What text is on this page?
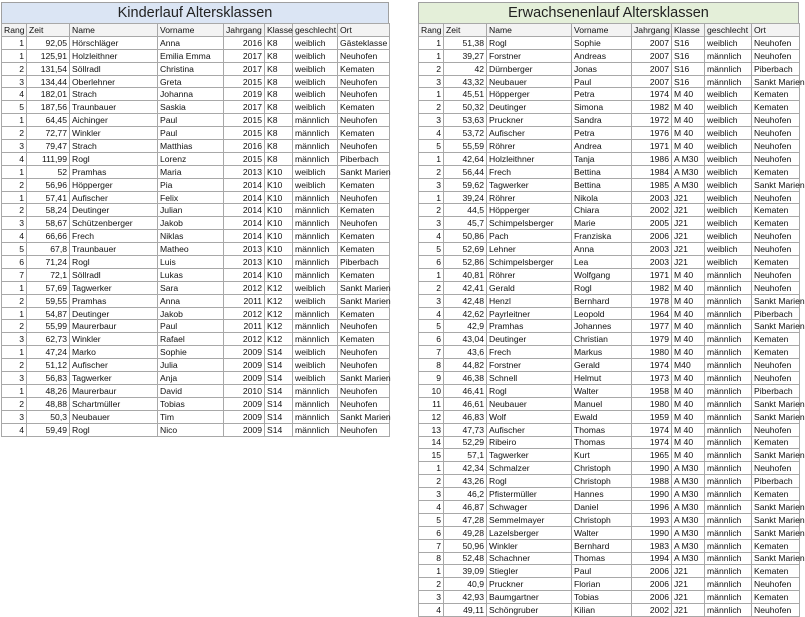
Kinderlauf Altersklassen
Rang	Zeit	Name	Vorname	Jahrgang	Klasse	geschlecht	Ort
1	92,05	Hörschläger	Anna	2016	K8	weiblich	Gästeklasse
1	125,91	Holzleithner	Emilia Emma	2017	K8	weiblich	Neuhofen
2	131,54	Söllradl	Christina	2017	K8	weiblich	Kematen
3	134,44	Oberlehner	Greta	2015	K8	weiblich	Neuhofen
4	182,01	Strach	Johanna	2019	K8	weiblich	Neuhofen
5	187,56	Traunbauer	Saskia	2017	K8	weiblich	Kematen
1	64,45	Aichinger	Paul	2015	K8	männlich	Neuhofen
2	72,77	Winkler	Paul	2015	K8	männlich	Kematen
3	79,47	Strach	Matthias	2016	K8	männlich	Neuhofen
4	111,99	Rogl	Lorenz	2015	K8	männlich	Piberbach
1	52	Pramhas	Maria	2013	K10	weiblich	Sankt Marien
2	56,96	Höpperger	Pia	2014	K10	weiblich	Kematen
1	57,41	Aufischer	Felix	2014	K10	männlich	Neuhofen
2	58,24	Deutinger	Julian	2014	K10	männlich	Kematen
3	58,67	Schützenberger	Jakob	2014	K10	männlich	Neuhofen
4	66,66	Frech	Niklas	2014	K10	männlich	Kematen
5	67,8	Traunbauer	Matheo	2013	K10	männlich	Kematen
6	71,24	Rogl	Luis	2013	K10	männlich	Piberbach
7	72,1	Söllradl	Lukas	2014	K10	männlich	Kematen
1	57,69	Tagwerker	Sara	2012	K12	weiblich	Sankt Marien
2	59,55	Pramhas	Anna	2011	K12	weiblich	Sankt Marien
1	54,87	Deutinger	Jakob	2012	K12	männlich	Kematen
2	55,99	Maurerbaur	Paul	2011	K12	männlich	Neuhofen
3	62,73	Winkler	Rafael	2012	K12	männlich	Kematen
1	47,24	Marko	Sophie	2009	S14	weiblich	Neuhofen
2	51,12	Aufischer	Julia	2009	S14	weiblich	Neuhofen
3	56,83	Tagwerker	Anja	2009	S14	weiblich	Sankt Marien
1	48,26	Maurerbaur	David	2010	S14	männlich	Neuhofen
2	48,88	Schartmüller	Tobias	2009	S14	männlich	Neuhofen
3	50,3	Neubauer	Tim	2009	S14	männlich	Sankt Marien
4	59,49	Rogl	Nico	2009	S14	männlich	Neuhofen
Erwachsenenlauf Altersklassen
Rang	Zeit	Name	Vorname	Jahrgang	Klasse	geschlecht	Ort
1	51,38	Rogl	Sophie	2007	S16	weiblich	Neuhofen
1	39,27	Forstner	Andreas	2007	S16	männlich	Neuhofen
2	42	Dürnberger	Jonas	2007	S16	männlich	Piberbach
3	43,32	Neubauer	Paul	2007	S16	männlich	Sankt Marien
1	45,51	Höpperger	Petra	1974	M 40	weiblich	Kematen
2	50,32	Deutinger	Simona	1982	M 40	weiblich	Kematen
3	53,63	Pruckner	Sandra	1972	M 40	weiblich	Neuhofen
4	53,72	Aufischer	Petra	1976	M 40	weiblich	Neuhofen
5	55,59	Röhrer	Andrea	1971	M 40	weiblich	Neuhofen
1	42,64	Holzleithner	Tanja	1986	A M30	weiblich	Neuhofen
2	56,44	Frech	Bettina	1984	A M30	weiblich	Kematen
3	59,62	Tagwerker	Bettina	1985	A M30	weiblich	Sankt Marien
1	39,24	Röhrer	Nikola	2003	J21	weiblich	Neuhofen
2	44,5	Höpperger	Chiara	2002	J21	weiblich	Kematen
3	45,7	Schimpelsberger	Marie	2005	J21	weiblich	Kematen
4	50,86	Pach	Franziska	2006	J21	weiblich	Neuhofen
5	52,69	Lehner	Anna	2003	J21	weiblich	Neuhofen
6	52,86	Schimpelsberger	Lea	2003	J21	weiblich	Kematen
1	40,81	Röhrer	Wolfgang	1971	M 40	männlich	Neuhofen
2	42,41	Gerald	Rogl	1982	M 40	männlich	Neuhofen
3	42,48	Henzl	Bernhard	1978	M 40	männlich	Sankt Marien
4	42,62	Payrleitner	Leopold	1964	M 40	männlich	Piberbach
5	42,9	Pramhas	Johannes	1977	M 40	männlich	Sankt Marien
6	43,04	Deutinger	Christian	1979	M 40	männlich	Kematen
7	43,6	Frech	Markus	1980	M 40	männlich	Kematen
8	44,82	Forstner	Gerald	1974	M40	männlich	Neuhofen
9	46,38	Schnell	Helmut	1973	M 40	männlich	Neuhofen
10	46,41	Rogl	Walter	1958	M 40	männlich	Piberbach
11	46,61	Neubauer	Manuel	1980	M 40	männlich	Sankt Marien
12	46,83	Wolf	Ewald	1959	M 40	männlich	Sankt Marien
13	47,73	Aufischer	Thomas	1974	M 40	männlich	Neuhofen
14	52,29	Ribeiro	Thomas	1974	M 40	männlich	Kematen
15	57,1	Tagwerker	Kurt	1965	M 40	männlich	Sankt Marien
1	42,34	Schmalzer	Christoph	1990	A M30	männlich	Neuhofen
2	43,26	Rogl	Christoph	1988	A M30	männlich	Piberbach
3	46,2	Pfistermüller	Hannes	1990	A M30	männlich	Kematen
4	46,87	Schwager	Daniel	1996	A M30	männlich	Sankt Marien
5	47,28	Semmelmayer	Christoph	1993	A M30	männlich	Sankt Marien
6	49,28	Lazelsberger	Walter	1990	A M30	männlich	Sankt Marien
7	50,96	Winkler	Bernhard	1983	A M30	männlich	Kematen
8	52,48	Schachner	Thomas	1994	A M30	männlich	Sankt Marien
1	39,09	Stiegler	Paul	2006	J21	männlich	Kematen
2	40,9	Pruckner	Florian	2006	J21	männlich	Neuhofen
3	42,93	Baumgartner	Tobias	2006	J21	männlich	Kematen
4	49,11	Schöngruber	Kilian	2002	J21	männlich	Neuhofen
